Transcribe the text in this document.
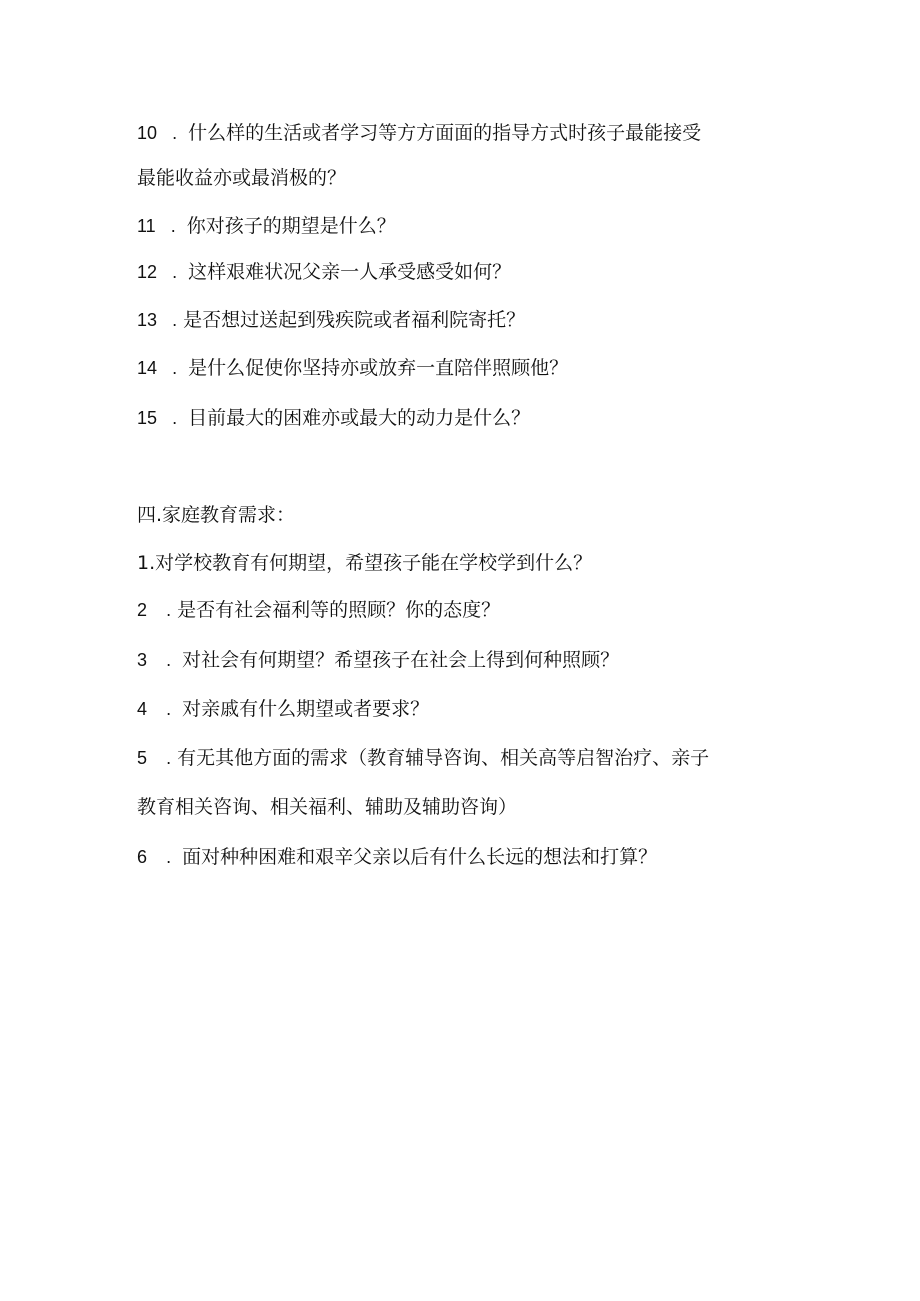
10 . 什么样的生活或者学习等方方面面的指导方式时孩子最能接受
最能收益亦或最消极的？
11 . 你对孩子的期望是什么？
12 . 这样艰难状况父亲一人承受感受如何？
13 . 是否想过送起到残疾院或者福利院寄托？
14 . 是什么促使你坚持亦或放弃一直陪伴照顾他？
15 . 目前最大的困难亦或最大的动力是什么？
四.家庭教育需求：
1.对学校教育有何期望，希望孩子能在学校学到什么？
2 . 是否有社会福利等的照顾？你的态度？
3 . 对社会有何期望？希望孩子在社会上得到何种照顾？
4 . 对亲戚有什么期望或者要求？
5 . 有无其他方面的需求（教育辅导咨询、相关高等启智治疗、亲子
教育相关咨询、相关福利、辅助及辅助咨询）
6 . 面对种种困难和艰辛父亲以后有什么长远的想法和打算？
